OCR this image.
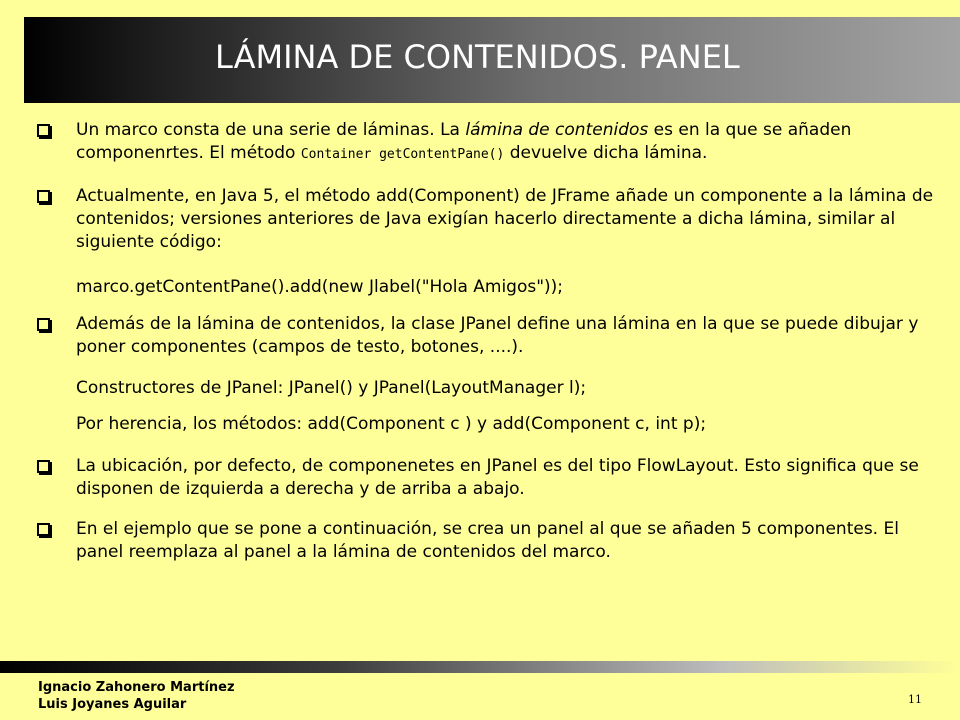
LÁMINA DE CONTENIDOS. PANEL
Un marco consta de una serie de láminas. La lámina de contenidos es en la que se añaden componenrtes. El método Container getContentPane() devuelve dicha lámina.
Actualmente, en Java 5, el método add(Component) de JFrame añade un componente a la lámina de contenidos; versiones anteriores de Java exigían hacerlo directamente a dicha lámina, similar al siguiente código:
marco.getContentPane().add(new Jlabel("Hola Amigos"));
Además de la lámina de contenidos, la clase JPanel define una lámina en la que se puede dibujar y poner componentes (campos de testo, botones, ....).
Constructores de JPanel: JPanel() y JPanel(LayoutManager l);
Por herencia, los métodos: add(Component c ) y add(Component c, int p);
La ubicación, por defecto, de componenetes en JPanel es del tipo FlowLayout. Esto significa que se disponen de izquierda a derecha y de arriba a abajo.
En el ejemplo que se pone a continuación, se crea un panel al que se añaden 5 componentes. El panel reemplaza al panel a la lámina de contenidos del marco.
Ignacio Zahonero Martínez
Luis Joyanes Aguilar	11
